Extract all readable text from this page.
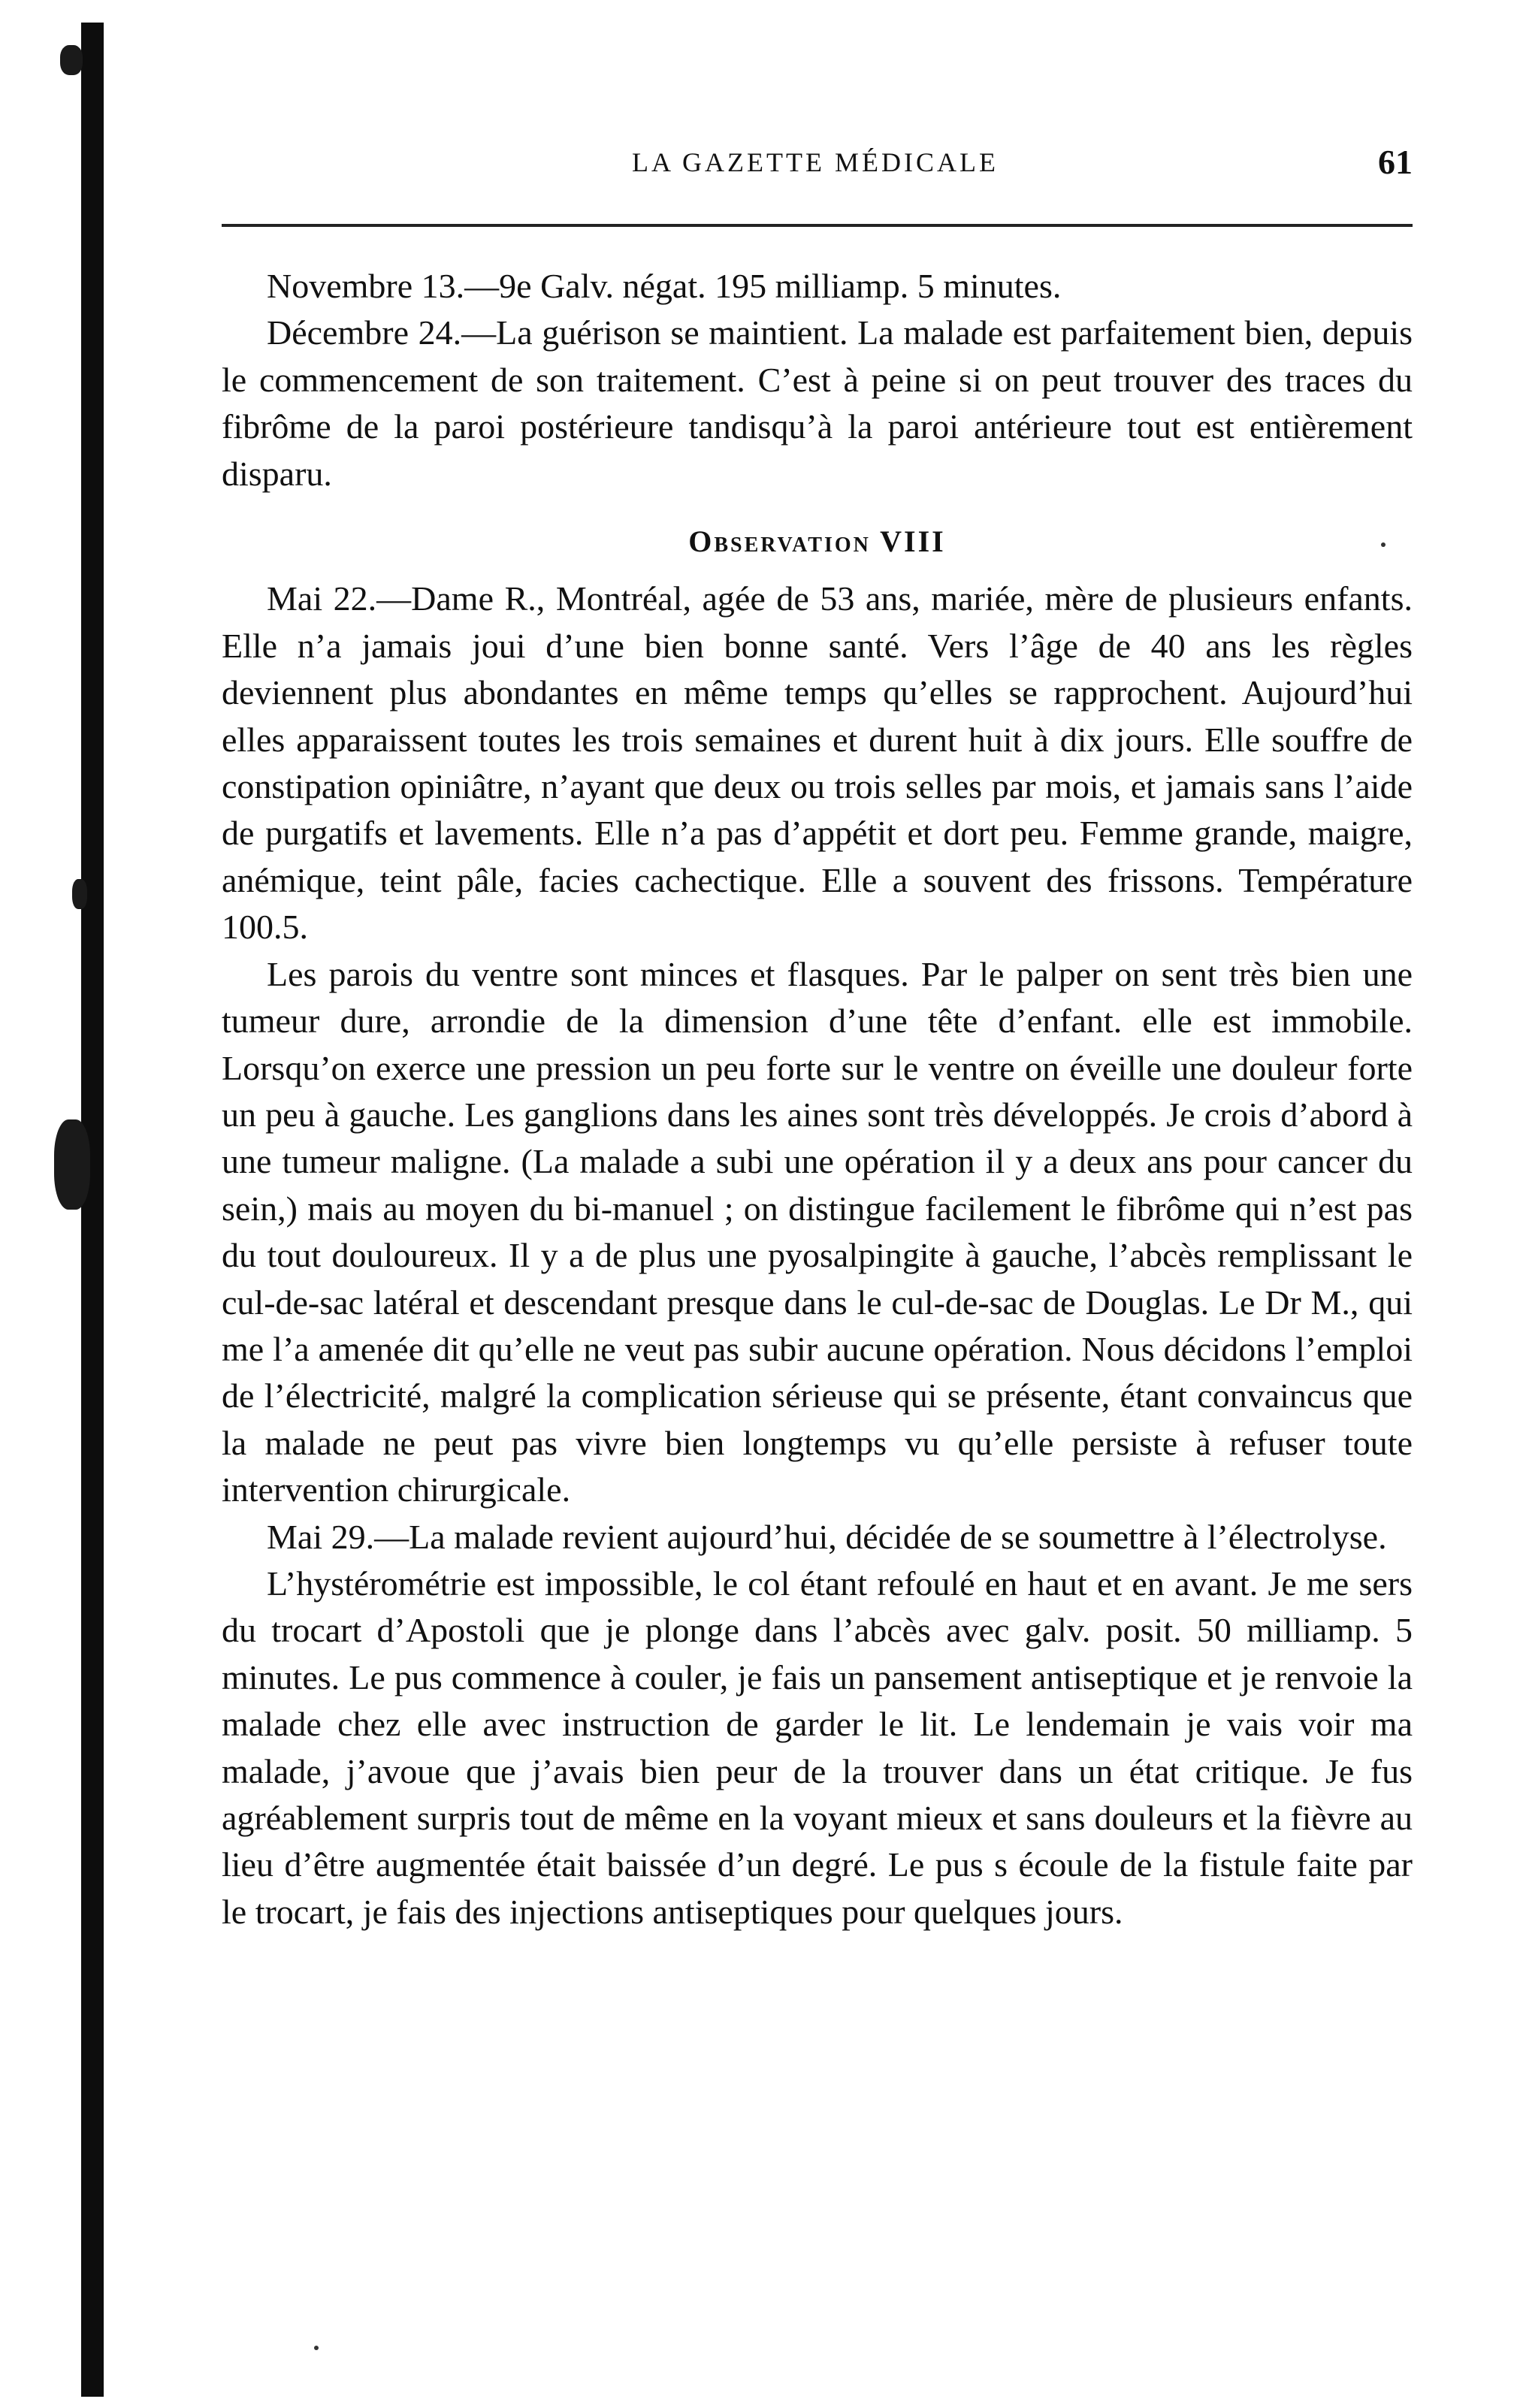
LA GAZETTE MÉDICALE	61

Novembre 13.—9e Galv. négat. 195 milliamp. 5 minutes.

Décembre 24.—La guérison se maintient. La malade est parfaitement bien, depuis le commencement de son traitement. C’est à peine si on peut trouver des traces du fibrôme de la paroi postérieure tandisqu’à la paroi antérieure tout est entièrement disparu.

Observation VIII

Mai 22.—Dame R., Montréal, agée de 53 ans, mariée, mère de plusieurs enfants. Elle n’a jamais joui d’une bien bonne santé. Vers l’âge de 40 ans les règles deviennent plus abondantes en même temps qu’elles se rapprochent. Aujourd’hui elles apparaissent toutes les trois semaines et durent huit à dix jours. Elle souffre de constipation opiniâtre, n’ayant que deux ou trois selles par mois, et jamais sans l’aide de purgatifs et lavements. Elle n’a pas d’appétit et dort peu. Femme grande, maigre, anémique, teint pâle, facies cachectique. Elle a souvent des frissons. Température 100.5.

Les parois du ventre sont minces et flasques. Par le palper on sent très bien une tumeur dure, arrondie de la dimension d’une tête d’enfant. elle est immobile. Lorsqu’on exerce une pression un peu forte sur le ventre on éveille une douleur forte un peu à gauche. Les ganglions dans les aines sont très développés. Je crois d’abord à une tumeur maligne. (La malade a subi une opération il y a deux ans pour cancer du sein,) mais au moyen du bi-manuel ; on distingue facilement le fibrôme qui n’est pas du tout douloureux. Il y a de plus une pyosalpingite à gauche, l’abcès remplissant le cul-de-sac latéral et descendant presque dans le cul-de-sac de Douglas. Le Dr M., qui me l’a amenée dit qu’elle ne veut pas subir aucune opération. Nous décidons l’emploi de l’électricité, malgré la complication sérieuse qui se présente, étant convaincus que la malade ne peut pas vivre bien longtemps vu qu’elle persiste à refuser toute intervention chirurgicale.

Mai 29.—La malade revient aujourd’hui, décidée de se soumettre à l’électrolyse.

L’hystérométrie est impossible, le col étant refoulé en haut et en avant. Je me sers du trocart d’Apostoli que je plonge dans l’abcès avec galv. posit. 50 milliamp. 5 minutes. Le pus commence à couler, je fais un pansement antiseptique et je renvoie la malade chez elle avec instruction de garder le lit. Le lendemain je vais voir ma malade, j’avoue que j’avais bien peur de la trouver dans un état critique. Je fus agréablement surpris tout de même en la voyant mieux et sans douleurs et la fièvre au lieu d’être augmentée était baissée d’un degré. Le pus s écoule de la fistule faite par le trocart, je fais des injections antiseptiques pour quelques jours.
